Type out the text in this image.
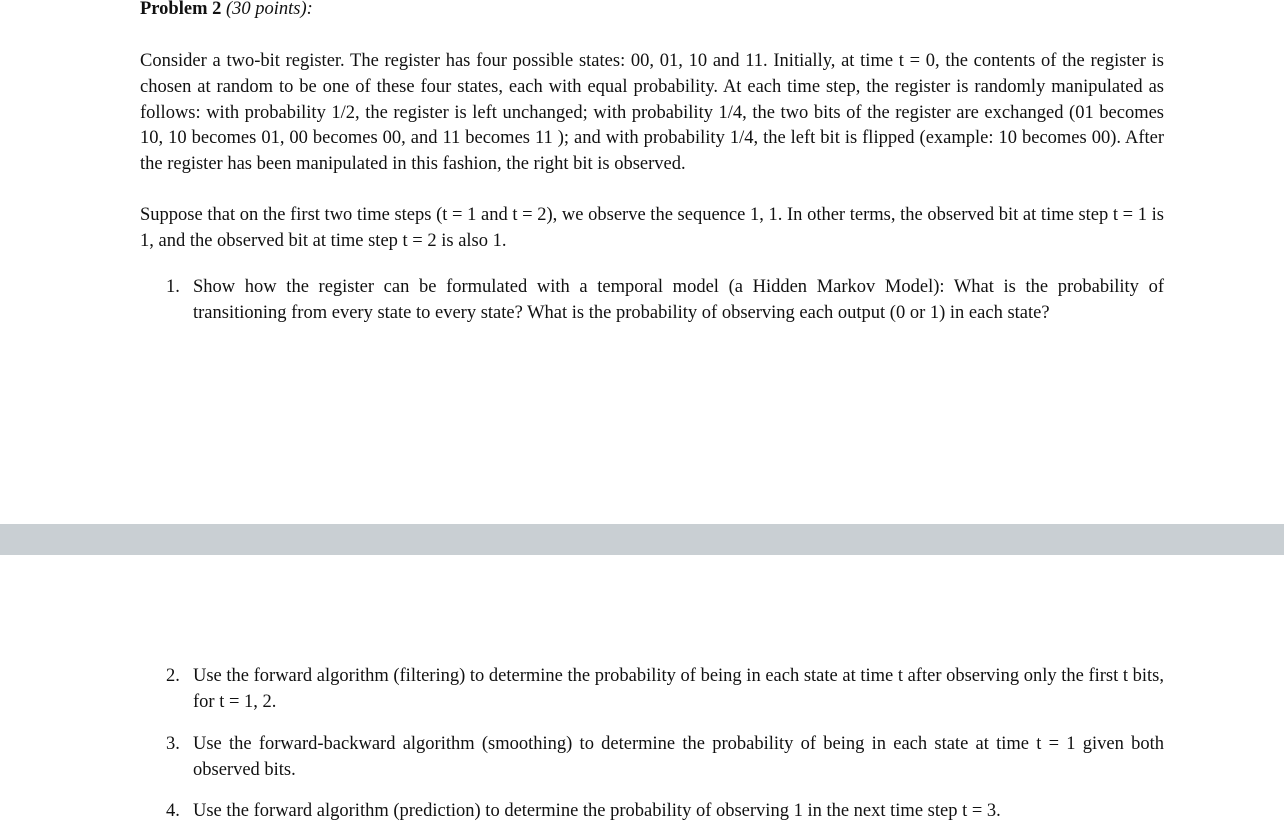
Problem 2 (30 points):

Consider a two-bit register. The register has four possible states: 00, 01, 10 and 11. Initially, at time t = 0, the contents of the register is chosen at random to be one of these four states, each with equal probability. At each time step, the register is randomly manipulated as follows: with probability 1/2, the register is left unchanged; with probability 1/4, the two bits of the register are exchanged (01 becomes 10, 10 becomes 01, 00 becomes 00, and 11 becomes 11 ); and with probability 1/4, the left bit is flipped (example: 10 becomes 00). After the register has been manipulated in this fashion, the right bit is observed.

Suppose that on the first two time steps (t = 1 and t = 2), we observe the sequence 1, 1. In other terms, the observed bit at time step t = 1 is 1, and the observed bit at time step t = 2 is also 1.

1. Show how the register can be formulated with a temporal model (a Hidden Markov Model): What is the probability of transitioning from every state to every state? What is the probability of observing each output (0 or 1) in each state?
2. Use the forward algorithm (filtering) to determine the probability of being in each state at time t after observing only the first t bits, for t = 1, 2.
3. Use the forward-backward algorithm (smoothing) to determine the probability of being in each state at time t = 1 given both observed bits.
4. Use the forward algorithm (prediction) to determine the probability of observing 1 in the next time step t = 3.
